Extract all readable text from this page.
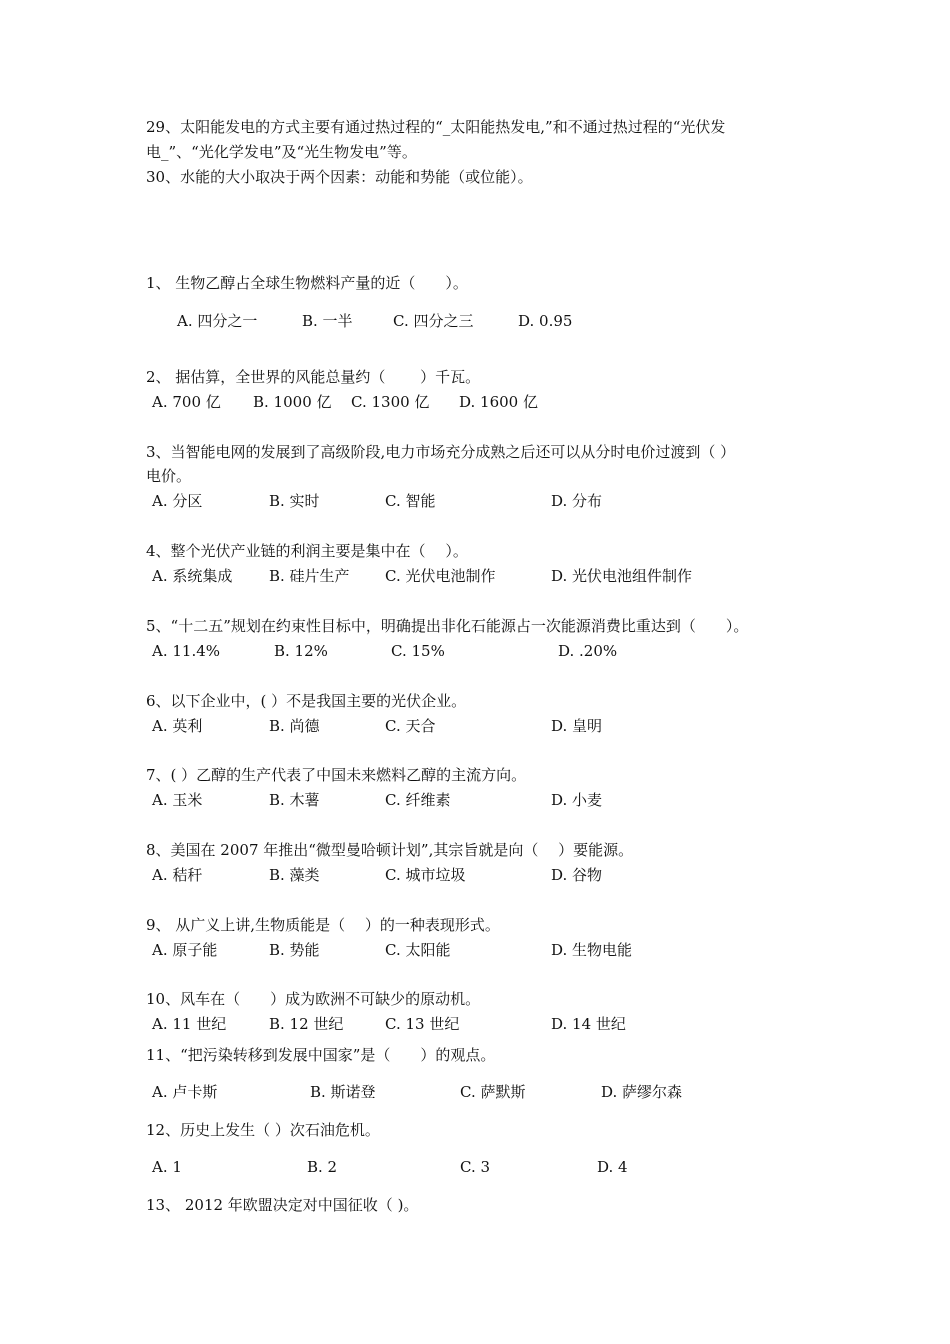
29、太阳能发电的方式主要有通过热过程的“_太阳能热发电,”和不通过热过程的“光伏发
电_”、“光化学发电”及“光生物发电”等。
30、水能的大小取决于两个因素：动能和势能（或位能）。
1、 生物乙醇占全球生物燃料产量的近（　　）。
A. 四分之一	B. 一半	C. 四分之三	D. 0.95
2、 据估算，全世界的风能总量约（　　 ）千瓦。
A. 700 亿 B. 1000 亿 C. 1300 亿 D. 1600 亿
3、当智能电网的发展到了高级阶段,电力市场充分成熟之后还可以从分时电价过渡到（ ）
电价。
A. 分区	B. 实时	C. 智能	D. 分布
4、整个光伏产业链的利润主要是集中在（　 ）。
A. 系统集成 B. 硅片生产 C. 光伏电池制作	D. 光伏电池组件制作
5、“十二五”规划在约束性目标中，明确提出非化石能源占一次能源消费比重达到（　　）。
A. 11.4%	B. 12%	C. 15%	D. .20%
6、以下企业中，( ）不是我国主要的光伏企业。
A. 英利	B. 尚德	C. 天合	D. 皇明
7、( ）乙醇的生产代表了中国未来燃料乙醇的主流方向。
A. 玉米	B. 木薯	C. 纤维素	D. 小麦
8、美国在 2007 年推出“微型曼哈顿计划”,其宗旨就是向（　 ）要能源。
A. 秸秆	B. 藻类	C. 城市垃圾	D. 谷物
9、 从广义上讲,生物质能是（　 ）的一种表现形式。
A. 原子能	B. 势能	C. 太阳能	D. 生物电能
10、风车在（　　）成为欧洲不可缺少的原动机。
A. 11 世纪	B. 12 世纪	C. 13 世纪	D. 14 世纪
11、“把污染转移到发展中国家”是（　　）的观点。
A. 卢卡斯	B. 斯诺登	C. 萨默斯	D. 萨缪尔森
12、历史上发生（ ）次石油危机。
A. 1	B. 2	C. 3	D. 4
13、 2012 年欧盟决定对中国征收（ )。
